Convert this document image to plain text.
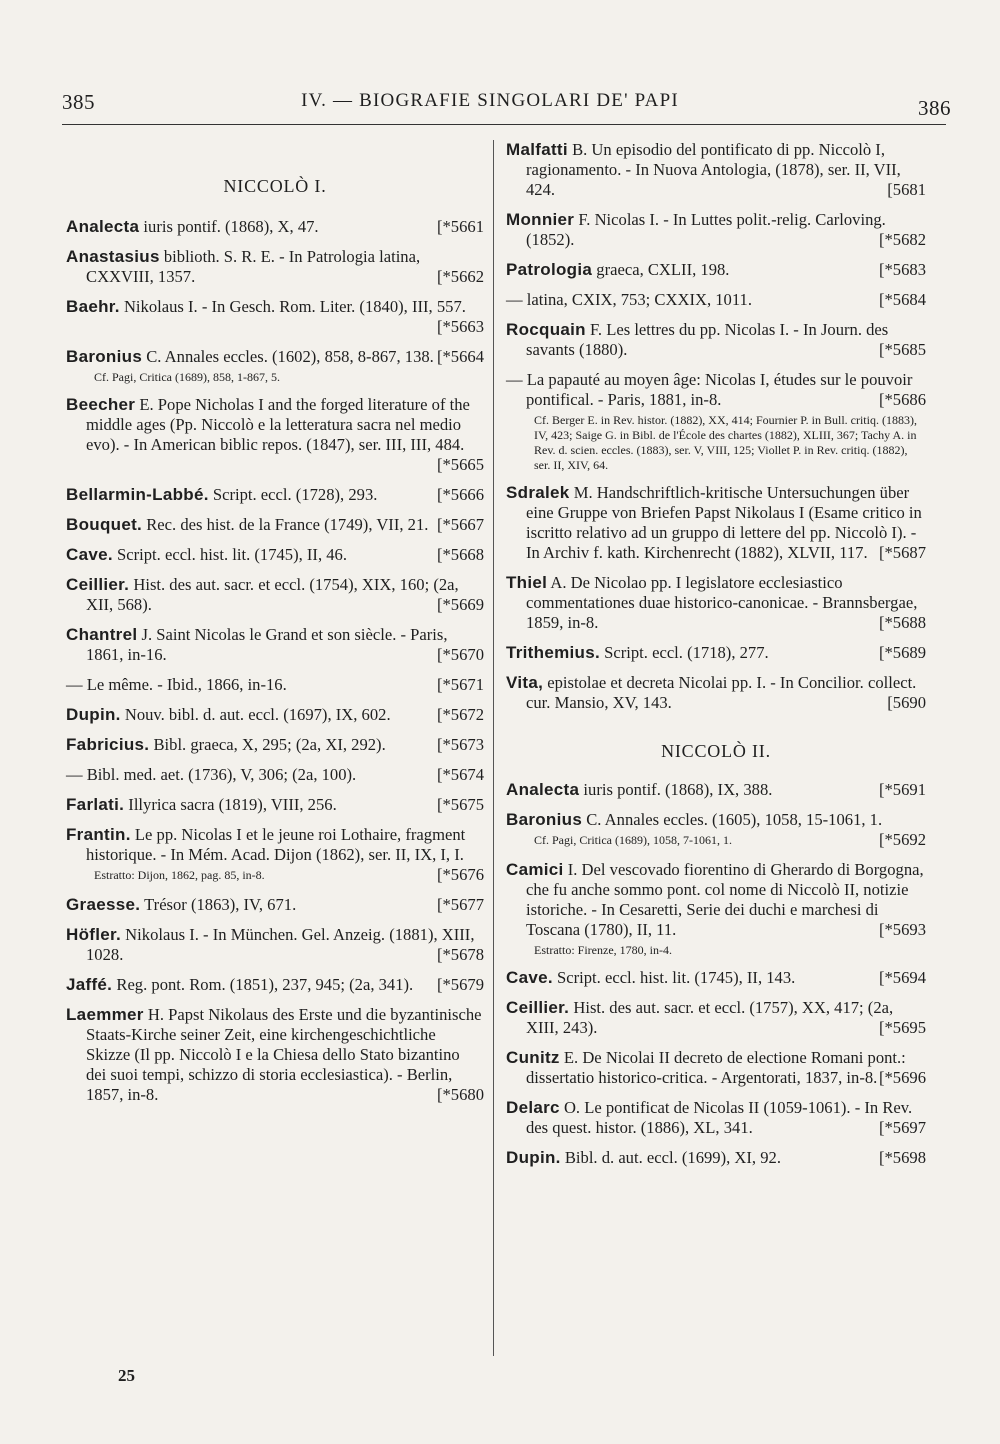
385	IV. — BIOGRAFIE SINGOLARI DE' PAPI	386
NICCOLÒ I.
Analecta iuris pontif. (1868), X, 47.	[*5661
Anastasius biblioth. S. R. E. - In Patrologia latina, CXXVIII, 1357.	[*5662
Baehr. Nikolaus I. - In Gesch. Rom. Liter. (1840), III, 557.
[*5663
Baronius C. Annales eccles. (1602), 858, 8-867, 138. [*5664
Cf. Pagi, Critica (1689), 858, 1-867, 5.
Beecher E. Pope Nicholas I and the forged literature of the middle ages (Pp. Niccolò e la letteratura sacra nel medio evo). - In American biblic repos. (1847), ser. III, III, 484.
[*5665
Bellarmin-Labbé. Script. eccl. (1728), 293.	[*5666
Bouquet. Rec. des hist. de la France (1749), VII, 21. [*5667
Cave. Script. eccl. hist. lit. (1745), II, 46.	[*5668
Ceillier. Hist. des aut. sacr. et eccl. (1754), XIX, 160; (2a, XII, 568).	[*5669
Chantrel J. Saint Nicolas le Grand et son siècle. - Paris, 1861, in-16.	[*5670
— Le même. - Ibid., 1866, in-16.	[*5671
Dupin. Nouv. bibl. d. aut. eccl. (1697), IX, 602.	[*5672
Fabricius. Bibl. graeca, X, 295; (2a, XI, 292).	[*5673
— Bibl. med. aet. (1736), V, 306; (2a, 100).	[*5674
Farlati. Illyrica sacra (1819), VIII, 256.	[*5675
Frantin. Le pp. Nicolas I et le jeune roi Lothaire, fragment historique. - In Mém. Acad. Dijon (1862), ser. II, IX, I, I.
[*5676
Estratto: Dijon, 1862, pag. 85, in-8.
Graesse. Trésor (1863), IV, 671.	[*5677
Höfler. Nikolaus I. - In München. Gel. Anzeig. (1881), XIII, 1028.	[*5678
Jaffé. Reg. pont. Rom. (1851), 237, 945; (2a, 341). [*5679
Laemmer H. Papst Nikolaus des Erste und die byzantinische Staats-Kirche seiner Zeit, eine kirchengeschichtliche Skizze (Il pp. Niccolò I e la Chiesa dello Stato bizantino dei suoi tempi, schizzo di storia ecclesiastica). - Berlin, 1857, in-8.	[*5680
Malfatti B. Un episodio del pontificato di pp. Niccolò I, ragionamento. - In Nuova Antologia, (1878), ser. II, VII, 424.	[5681
Monnier F. Nicolas I. - In Luttes polit.-relig. Carloving. (1852).	[*5682
Patrologia graeca, CXLII, 198.	[*5683
— latina, CXIX, 753; CXXIX, 1011.	[*5684
Rocquain F. Les lettres du pp. Nicolas I. - In Journ. des savants (1880).	[*5685
— La papauté au moyen âge: Nicolas I, études sur le pouvoir pontifical. - Paris, 1881, in-8.	[*5686
Cf. Berger E. in Rev. histor. (1882), XX, 414; Fournier P. in Bull. critiq. (1883), IV, 423; Saige G. in Bibl. de l'École des chartes (1882), XLIII, 367; Tachy A. in Rev. d. scien. eccles. (1883), ser. V, VIII, 125; Viollet P. in Rev. critiq. (1882), ser. II, XIV, 64.
Sdralek M. Handschriftlich-kritische Untersuchungen über eine Gruppe von Briefen Papst Nikolaus I (Esame critico in iscritto relativo ad un gruppo di lettere del pp. Niccolò I). - In Archiv f. kath. Kirchenrecht (1882), XLVII, 117. [*5687
Thiel A. De Nicolao pp. I legislatore ecclesiastico commentationes duae historico-canonicae. - Brannsbergae, 1859, in-8.	[*5688
Trithemius. Script. eccl. (1718), 277.	[*5689
Vita, epistolae et decreta Nicolai pp. I. - In Concilior. collect. cur. Mansio, XV, 143.	[5690
NICCOLÒ II.
Analecta iuris pontif. (1868), IX, 388.	[*5691
Baronius C. Annales eccles. (1605), 1058, 15-1061, 1.
[*5692
Cf. Pagi, Critica (1689), 1058, 7-1061, 1.
Camici I. Del vescovado fiorentino di Gherardo di Borgogna, che fu anche sommo pont. col nome di Niccolò II, notizie istoriche. - In Cesaretti, Serie dei duchi e marchesi di Toscana (1780), II, 11.	[*5693
Estratto: Firenze, 1780, in-4.
Cave. Script. eccl. hist. lit. (1745), II, 143.	[*5694
Ceillier. Hist. des aut. sacr. et eccl. (1757), XX, 417; (2a, XIII, 243).	[*5695
Cunitz E. De Nicolai II decreto de electione Romani pont.: dissertatio historico-critica. - Argentorati, 1837, in-8. [*5696
Delarc O. Le pontificat de Nicolas II (1059-1061). - In Rev. des quest. histor. (1886), XL, 341.	[*5697
Dupin. Bibl. d. aut. eccl. (1699), XI, 92.	[*5698
25
